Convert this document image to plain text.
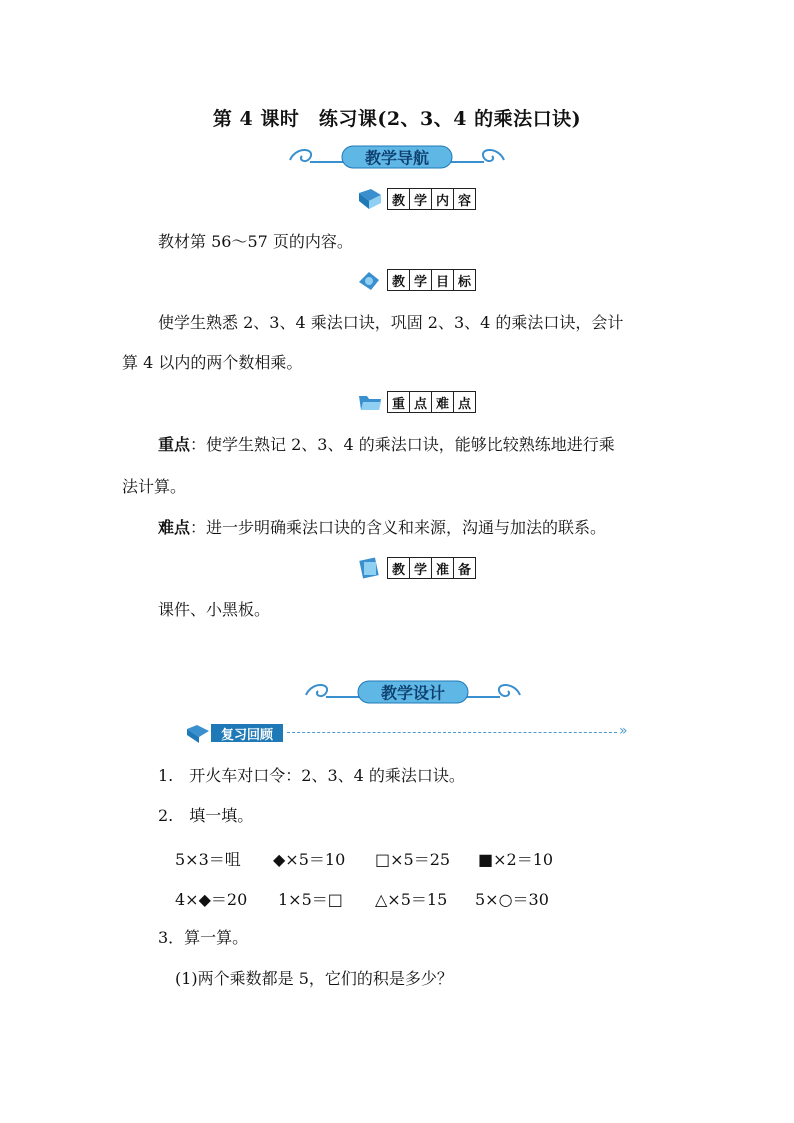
第 4 课时　练习课(2、3、4 的乘法口诀)
教学导航
教 学 内 容
教材第 56～57 页的内容。
教 学 目 标
使学生熟悉 2、3、4 乘法口诀，巩固 2、3、4 的乘法口诀，会计
算 4 以内的两个数相乘。
重 点 难 点
重点：使学生熟记 2、3、4 的乘法口诀，能够比较熟练地进行乘
法计算。
难点：进一步明确乘法口诀的含义和来源，沟通与加法的联系。
教 学 准 备
课件、小黑板。
教学设计
复习回顾	»
1.　开火车对口令：2、3、4 的乘法口诀。
2.　填一填。
5×3＝咀 ◆×5＝10 □×5＝25 ■×2＝10
4×◆＝20 1×5＝□ △×5＝15 5×○＝30
3．算一算。
(1)两个乘数都是 5，它们的积是多少？
